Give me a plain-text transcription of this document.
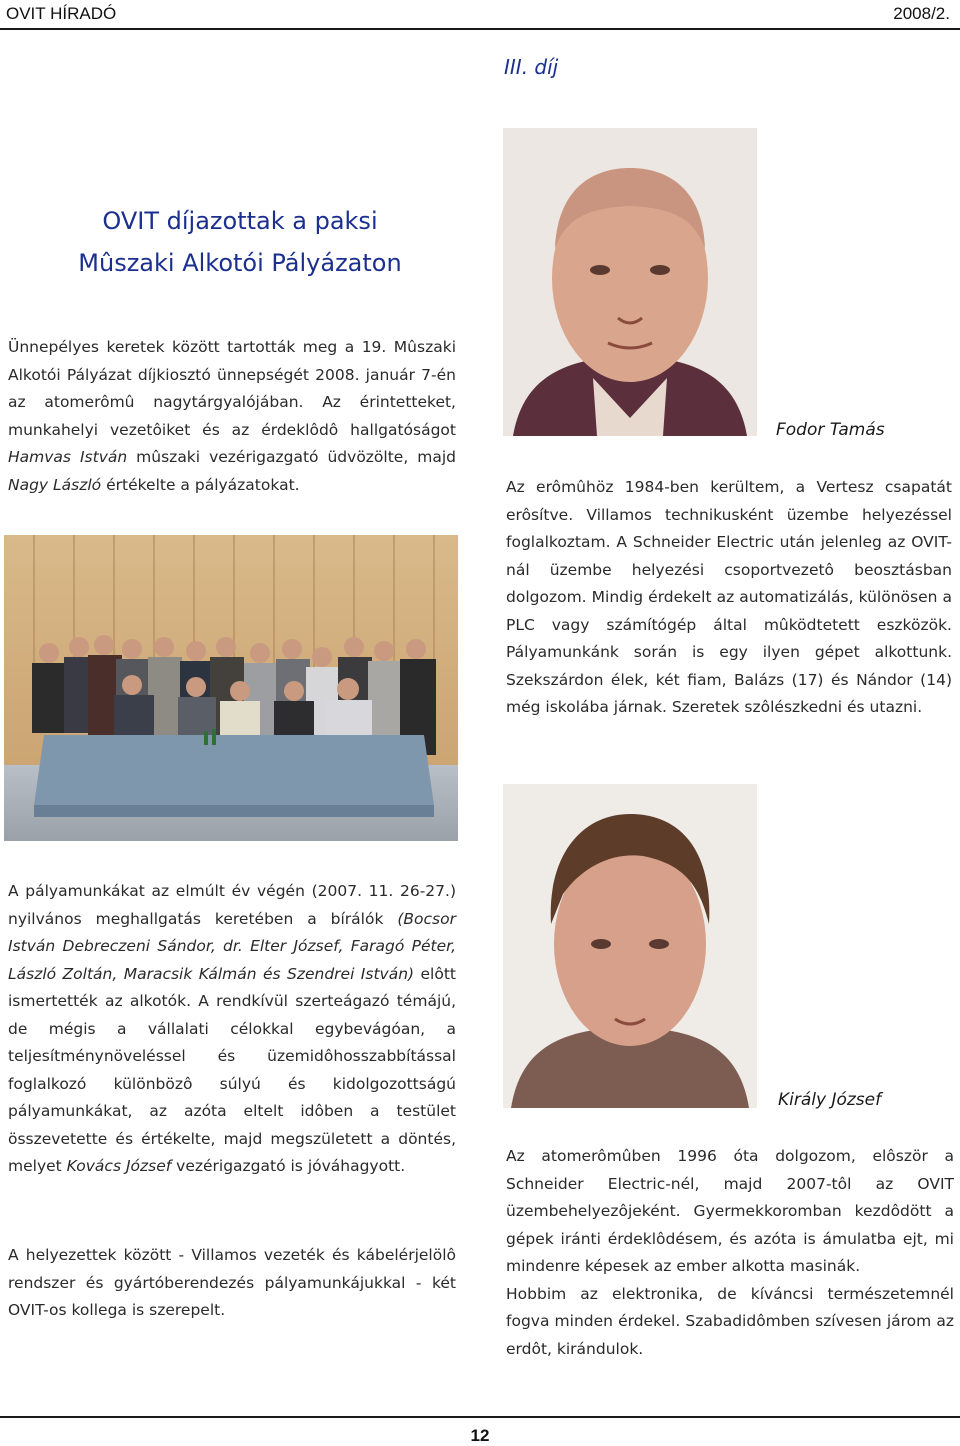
OVIT HÍRADÓ	2008/2.
III. díj
OVIT díjazottak a paksi
Mûszaki Alkotói Pályázaton
Ünnepélyes keretek között tartották meg a 19. Mûszaki Alkotói Pályázat díjkiosztó ünnepségét 2008. január 7-én az atomerômû nagytárgyalójában. Az érintetteket, munkahelyi vezetôiket és az érdeklôdô hallgatóságot Hamvas István mûszaki vezérigazgató üdvözölte, majd Nagy László értékelte a pályázatokat.
A pályamunkákat az elmúlt év végén (2007. 11. 26-27.) nyilvános meghallgatás keretében a bírálók (Bocsor István Debreczeni Sándor, dr. Elter József, Faragó Péter, László Zoltán, Maracsik Kálmán és Szendrei István) elôtt ismertették az alkotók. A rendkívül szerteágazó témájú, de mégis a vállalati célokkal egybevágóan, a teljesítménynöveléssel és üzemidôhosszabbítással foglalkozó különbözô súlyú és kidolgozottságú pályamunkákat, az azóta eltelt idôben a testület összevetette és értékelte, majd megszületett a döntés, melyet Kovács József vezérigazgató is jóváhagyott.
A helyezettek között - Villamos vezeték és kábelérjelölô rendszer és gyártóberendezés pályamunkájukkal - két OVIT-os kollega is szerepelt.
Fodor Tamás
Az erômûhöz 1984-ben kerültem, a Vertesz csapatát erôsítve. Villamos technikusként üzembe helyezéssel foglalkoztam. A Schneider Electric után jelenleg az OVIT-nál üzembe helyezési csoportvezetô beosztásban dolgozom. Mindig érdekelt az automatizálás, különösen a PLC vagy számítógép által mûködtetett eszközök. Pályamunkánk során is egy ilyen gépet alkottunk. Szekszárdon élek, két fiam, Balázs (17) és Nándor (14) még iskolába járnak. Szeretek szôlészkedni és utazni.
Király József
Az atomerômûben 1996 óta dolgozom, elôször a Schneider Electric-nél, majd 2007-tôl az OVIT üzembehelyezôjeként. Gyermekkoromban kezdôdött a gépek iránti érdeklôdésem, és azóta is ámulatba ejt, mi mindenre képesek az ember alkotta masinák.
Hobbim az elektronika, de kíváncsi természetemnél fogva minden érdekel. Szabadidômben szívesen járom az erdôt, kirándulok.
12
